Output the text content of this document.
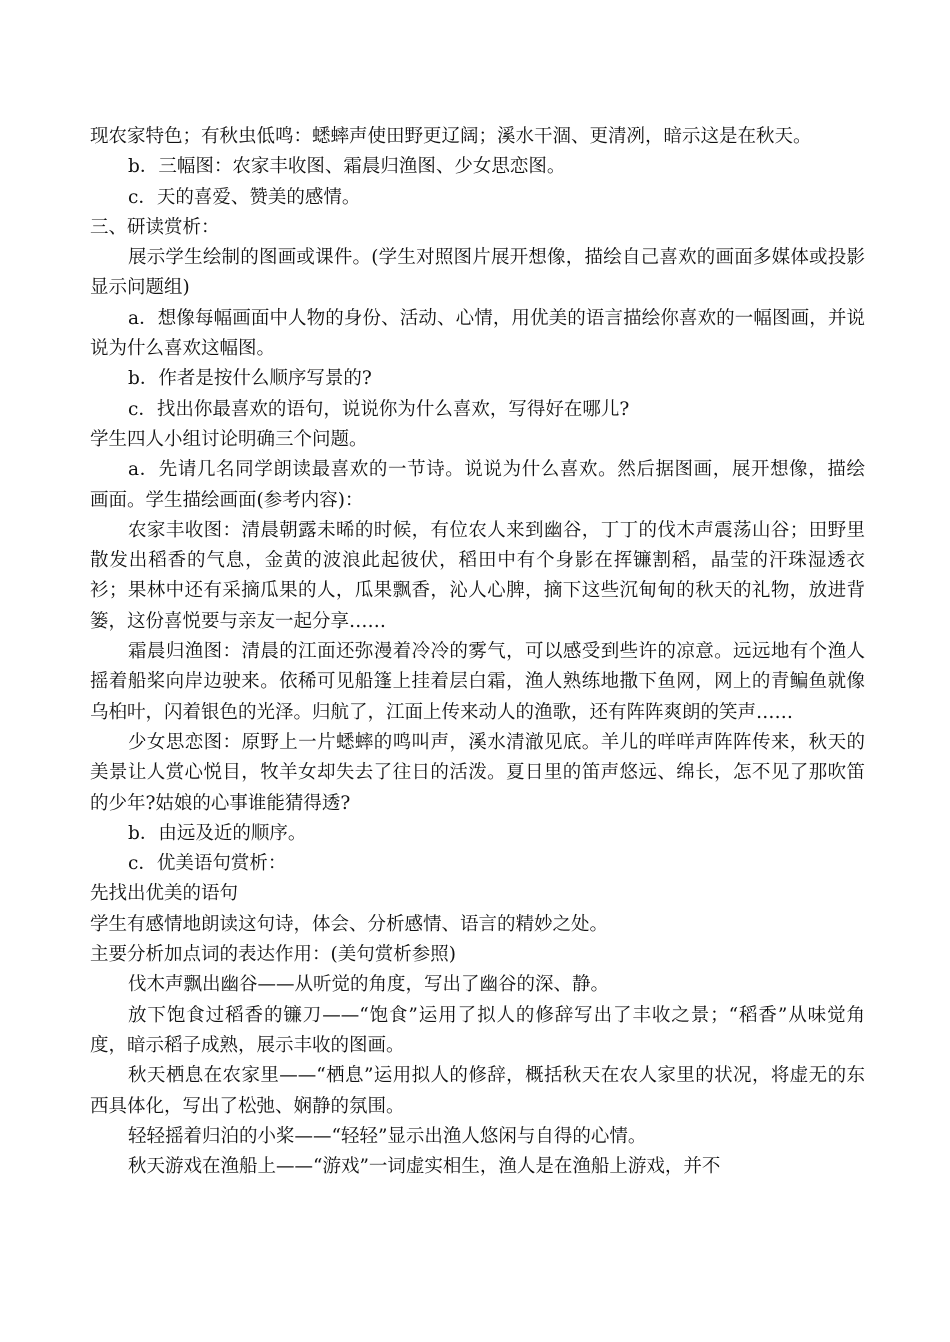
现农家特色；有秋虫低鸣：蟋蟀声使田野更辽阔；溪水干涸、更清冽，暗示这是在秋天。

b．三幅图：农家丰收图、霜晨归渔图、少女思恋图。

c．天的喜爱、赞美的感情。

三、研读赏析：

展示学生绘制的图画或课件。(学生对照图片展开想像，描绘自己喜欢的画面多媒体或投影显示问题组)

a．想像每幅画面中人物的身份、活动、心情，用优美的语言描绘你喜欢的一幅图画，并说说为什么喜欢这幅图。

b．作者是按什么顺序写景的?

c．找出你最喜欢的语句，说说你为什么喜欢，写得好在哪儿?

学生四人小组讨论明确三个问题。

a．先请几名同学朗读最喜欢的一节诗。说说为什么喜欢。然后据图画，展开想像，描绘 画面。学生描绘画面(参考内容)：

农家丰收图：清晨朝露未晞的时候，有位农人来到幽谷，丁丁的伐木声震荡山谷；田野里散发出稻香的气息，金黄的波浪此起彼伏，稻田中有个身影在挥镰割稻，晶莹的汗珠湿透衣衫；果林中还有采摘瓜果的人，瓜果飘香，沁人心脾，摘下这些沉甸甸的秋天的礼物，放进背篓，这份喜悦要与亲友一起分享……

霜晨归渔图：清晨的江面还弥漫着冷冷的雾气，可以感受到些许的凉意。远远地有个渔人摇着船桨向岸边驶来。依稀可见船篷上挂着层白霜，渔人熟练地撒下鱼网，网上的青鳊鱼就像乌桕叶，闪着银色的光泽。归航了，江面上传来动人的渔歌，还有阵阵爽朗的笑声……

少女思恋图：原野上一片蟋蟀的鸣叫声，溪水清澈见底。羊儿的咩咩声阵阵传来，秋天的美景让人赏心悦目，牧羊女却失去了往日的活泼。夏日里的笛声悠远、绵长，怎不见了那吹笛的少年?姑娘的心事谁能猜得透?

b．由远及近的顺序。

c．优美语句赏析：

先找出优美的语句

学生有感情地朗读这句诗，体会、分析感情、语言的精妙之处。

主要分析加点词的表达作用：(美句赏析参照)

伐木声飘出幽谷——从听觉的角度，写出了幽谷的深、静。

放下饱食过稻香的镰刀——“饱食”运用了拟人的修辞写出了丰收之景；“稻香”从味觉角度，暗示稻子成熟，展示丰收的图画。

秋天栖息在农家里——“栖息”运用拟人的修辞，概括秋天在农人家里的状况，将虚无的东西具体化，写出了松弛、娴静的氛围。

轻轻摇着归泊的小桨——“轻轻”显示出渔人悠闲与自得的心情。

秋天游戏在渔船上——“游戏”一词虚实相生，渔人是在渔船上游戏，并不
